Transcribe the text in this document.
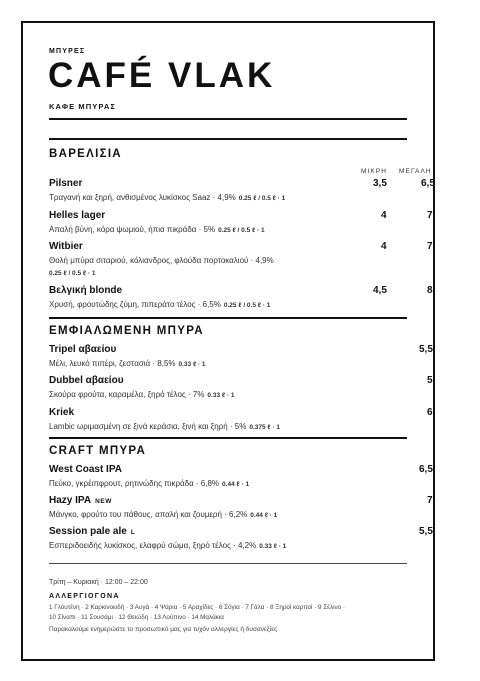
ΜΠΥΡΕΣ
CAFÉ VLAK
ΚΑΦΕ ΜΠΥΡΑΣ
ΒΑΡΕΛΙΣΙΑ
ΜΙΚΡΗ ΜΕΓΑΛΗ
Pilsner	3,5	6,5
Τραγανή και ξηρή, ανθισμένος λυκίσκος Saaz · 4,9% 0.25 ℓ / 0.5 ℓ · 1
Helles lager	4	7
Απαλή βύνη, κόρα ψωμιού, ήπια πικράδα · 5% 0.25 ℓ / 0.5 ℓ · 1
Witbier	4	7
Θολή μπύρα σιταριού, κόλιανδρος, φλούδα πορτοκαλιού · 4,9%
0.25 ℓ / 0.5 ℓ · 1
Βελγική blonde	4,5	8
Χρυσή, φρουτώδης ζύμη, πιπεράτο τέλος · 6,5% 0.25 ℓ / 0.5 ℓ · 1
ΕΜΦΙΑΛΩΜΕΝΗ ΜΠΥΡΑ
Tripel αβαείου	5,5
Μέλι, λευκό πιπέρι, ζεστασιά · 8,5% 0.33 ℓ · 1
Dubbel αβαείου	5
Σκούρα φρούτα, καραμέλα, ξηρό τέλος · 7% 0.33 ℓ · 1
Kriek	6
Lambic ωριμασμένη σε ξινά κεράσια, ξινή και ξηρή · 5% 0.375 ℓ · 1
CRAFT ΜΠΥΡΑ
West Coast IPA	6,5
Πεύκο, γκρέιπφρουτ, ρητινώδης πικράδα · 6,8% 0.44 ℓ · 1
Hazy IPA NEW	7
Μάνγκο, φρούτο του πάθους, απαλή και ζουμερή · 6,2% 0.44 ℓ · 1
Session pale ale L	5,5
Εσπεριδοειδής λυκίσκος, ελαφρύ σώμα, ξηρό τέλος · 4,2% 0.33 ℓ · 1
Τρίτη – Κυριακή · 12:00 – 22:00
ΑΛΛΕΡΓΙΟΓΟΝΑ
1 Γλουτένη · 2 Καρκινοειδή · 3 Αυγά · 4 Ψάρια · 5 Αραχίδες · 6 Σόγια · 7 Γάλα · 8 Ξηροί καρποί · 9 Σέλινο ·
10 Σίναπι · 11 Σουσάμι · 12 Θειώδη · 13 Λούπινο · 14 Μαλάκια
Παρακαλούμε ενημερώστε το προσωπικό μας για τυχόν αλλεργίες ή δυσανεξίες
